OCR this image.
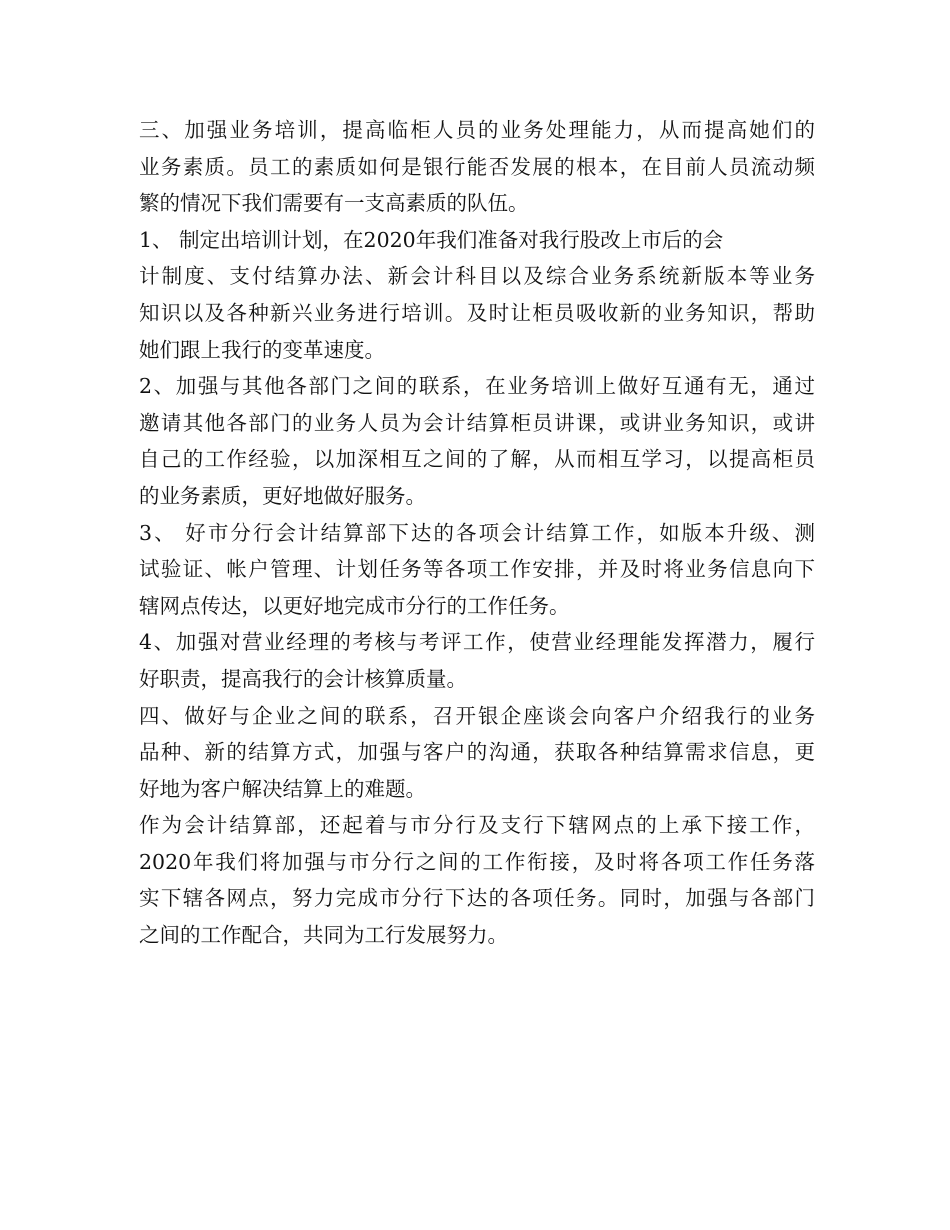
三、加强业务培训，提高临柜人员的业务处理能力，从而提高她们的
业务素质。员工的素质如何是银行能否发展的根本，在目前人员流动频
繁的情况下我们需要有一支高素质的队伍。
1、 制定出培训计划，在2020年我们准备对我行股改上市后的会
计制度、支付结算办法、新会计科目以及综合业务系统新版本等业务
知识以及各种新兴业务进行培训。及时让柜员吸收新的业务知识，帮助
她们跟上我行的变革速度。
2、加强与其他各部门之间的联系，在业务培训上做好互通有无，通过
邀请其他各部门的业务人员为会计结算柜员讲课，或讲业务知识，或讲
自己的工作经验，以加深相互之间的了解，从而相互学习，以提高柜员
的业务素质，更好地做好服务。
3、 好市分行会计结算部下达的各项会计结算工作，如版本升级、测
试验证、帐户管理、计划任务等各项工作安排，并及时将业务信息向下
辖网点传达，以更好地完成市分行的工作任务。
4、加强对营业经理的考核与考评工作，使营业经理能发挥潜力，履行
好职责，提高我行的会计核算质量。
四、做好与企业之间的联系，召开银企座谈会向客户介绍我行的业务
品种、新的结算方式，加强与客户的沟通，获取各种结算需求信息，更
好地为客户解决结算上的难题。
作为会计结算部，还起着与市分行及支行下辖网点的上承下接工作，
2020年我们将加强与市分行之间的工作衔接，及时将各项工作任务落
实下辖各网点，努力完成市分行下达的各项任务。同时，加强与各部门
之间的工作配合，共同为工行发展努力。
